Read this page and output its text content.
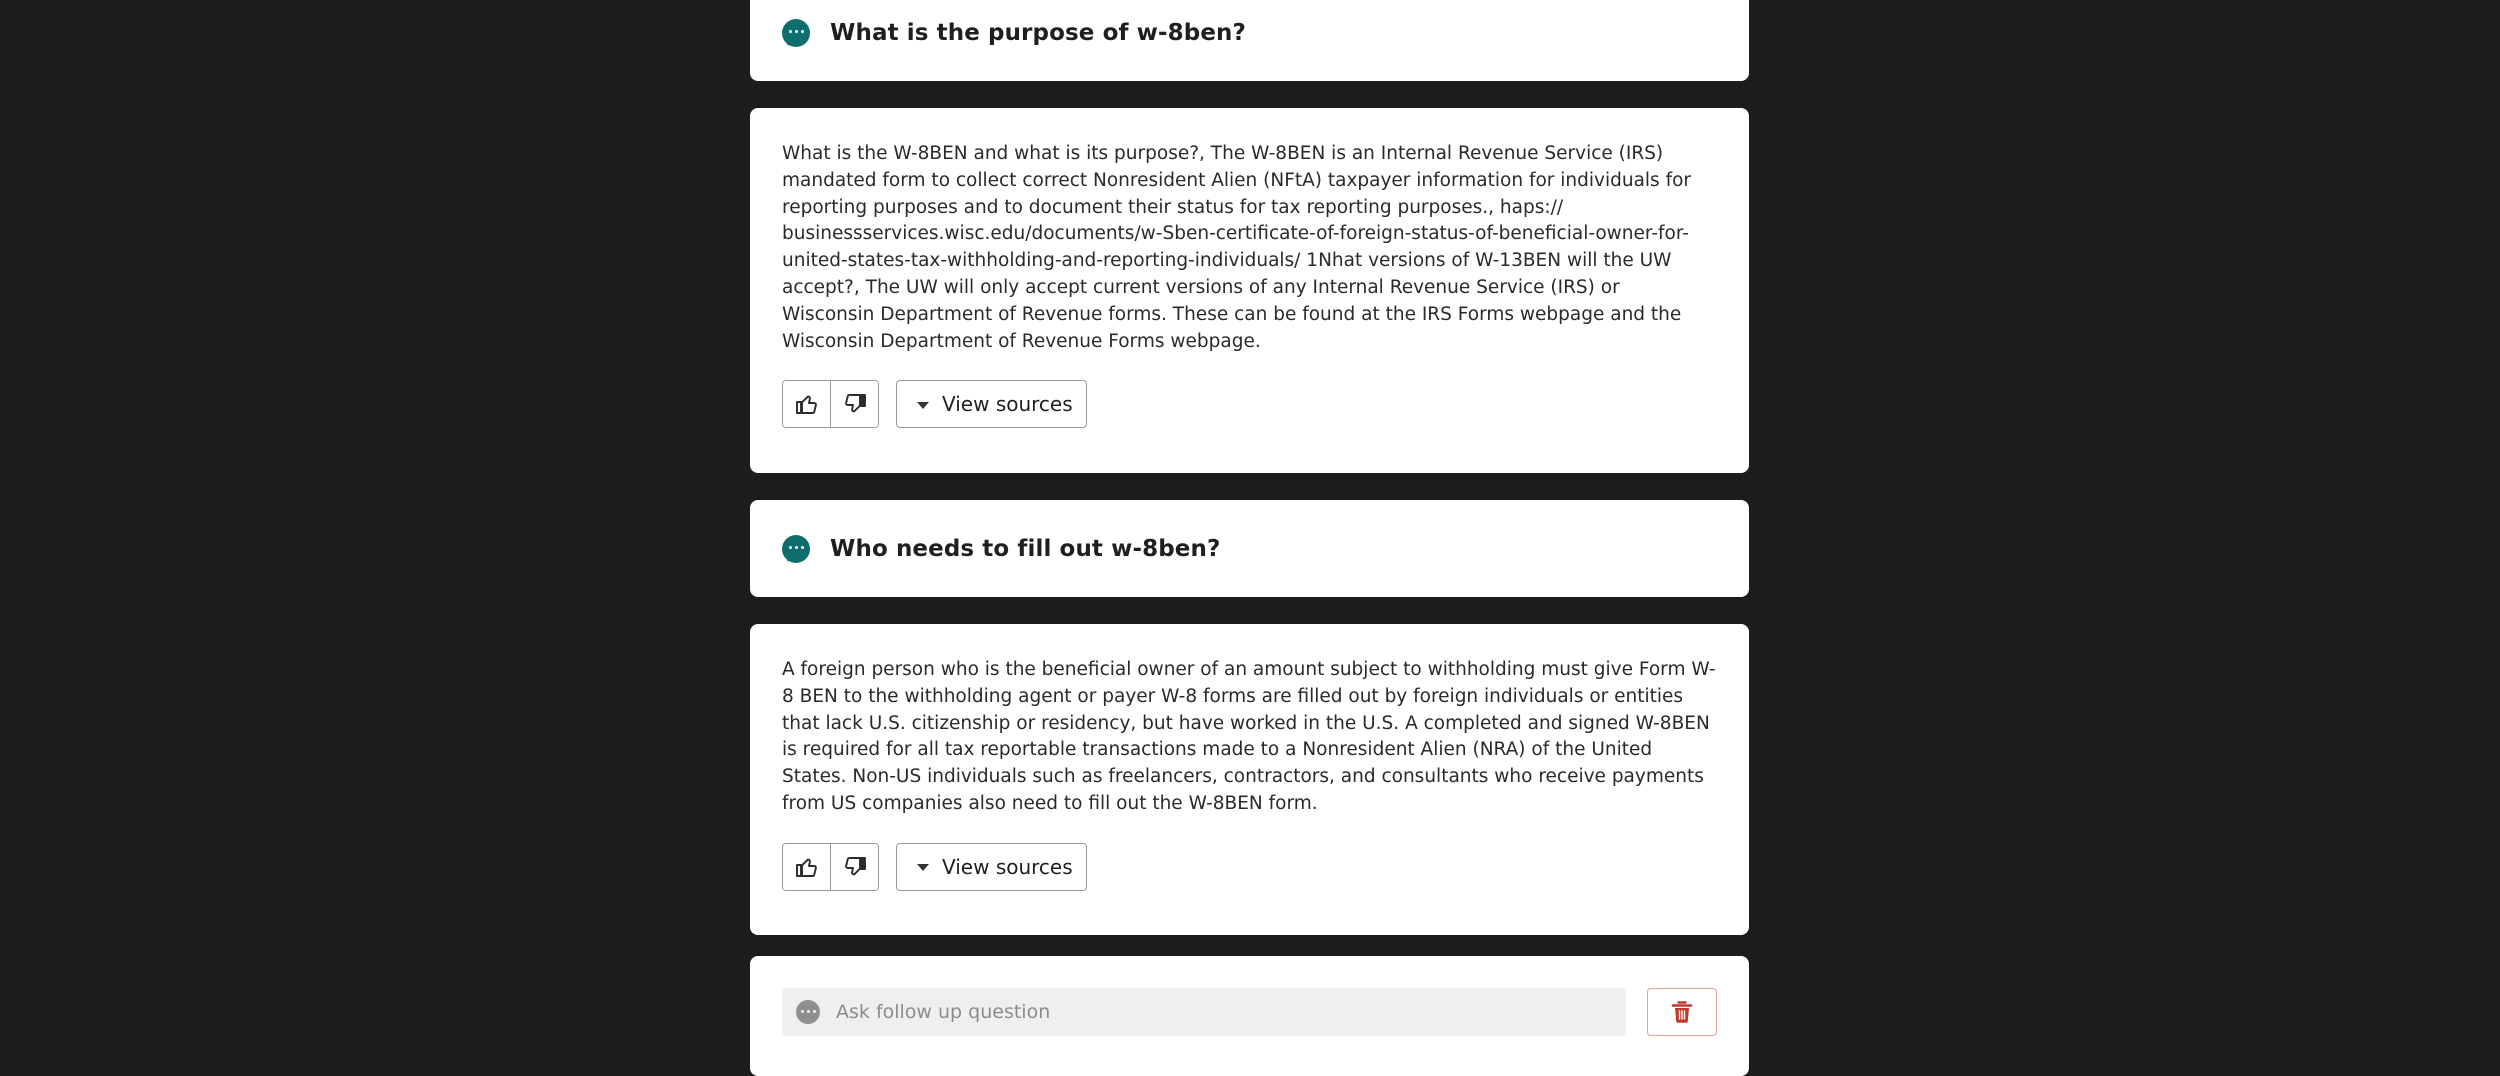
What is the purpose of w-8ben?

What is the W-8BEN and what is its purpose?, The W-8BEN is an Internal Revenue Service (IRS) mandated form to collect correct Nonresident Alien (NFtA) taxpayer information for individuals for reporting purposes and to document their status for tax reporting purposes., haps:// businessservices.wisc.edu/documents/w-Sben-certificate-of-foreign-status-of-beneficial-owner-for-united-states-tax-withholding-and-reporting-individuals/ 1Nhat versions of W-13BEN will the UW accept?, The UW will only accept current versions of any Internal Revenue Service (IRS) or Wisconsin Department of Revenue forms. These can be found at the IRS Forms webpage and the Wisconsin Department of Revenue Forms webpage.

View sources
Who needs to fill out w-8ben?

A foreign person who is the beneficial owner of an amount subject to withholding must give Form W-8 BEN to the withholding agent or payer W-8 forms are filled out by foreign individuals or entities that lack U.S. citizenship or residency, but have worked in the U.S. A completed and signed W-8BEN is required for all tax reportable transactions made to a Nonresident Alien (NRA) of the United States. Non-US individuals such as freelancers, contractors, and consultants who receive payments from US companies also need to fill out the W-8BEN form.

View sources
Ask follow up question
